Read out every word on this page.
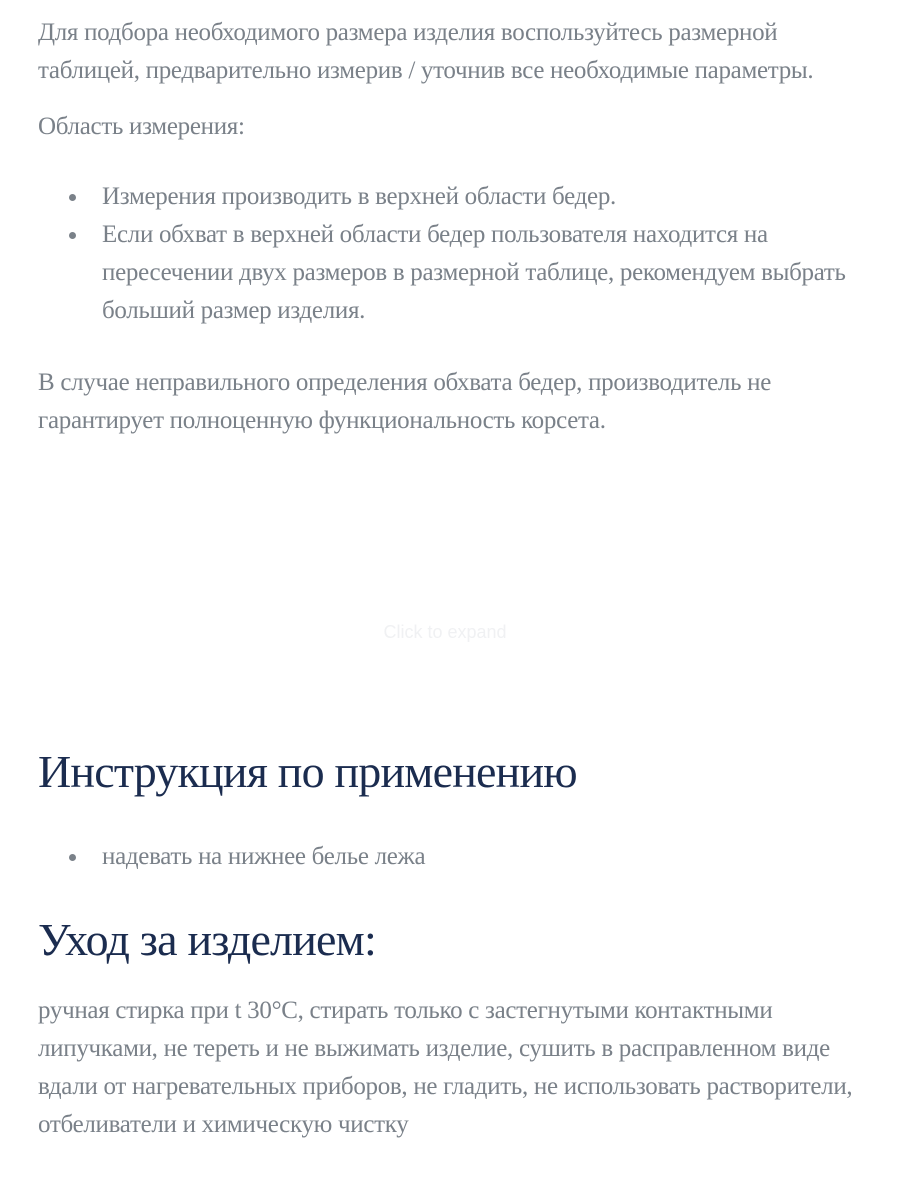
Для подбора необходимого размера изделия воспользуйтесь размерной таблицей, предварительно измерив / уточнив все необходимые параметры.

Область измерения:

Измерения производить в верхней области бедер.
Если обхват в верхней области бедер пользователя находится на пересечении двух размеров в размерной таблице, рекомендуем выбрать больший размер изделия.

В случае неправильного определения обхвата бедер, производитель не гарантирует полноценную функциональность корсета.

Click to expand
Инструкция по применению
надевать на нижнее белье лежа
Уход за изделием:

ручная стирка при t 30°C, стирать только с застегнутыми контактными липучками, не тереть и не выжимать изделие, сушить в расправленном виде вдали от нагревательных приборов, не гладить, не использовать растворители, отбеливатели и химическую чистку
